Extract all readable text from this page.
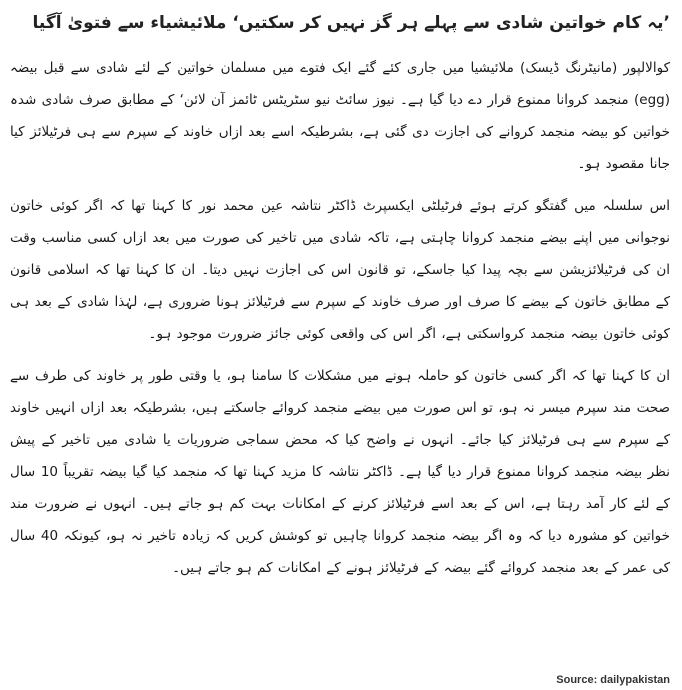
’یہ کام خواتین شادی سے پہلے ہر گز نہیں کر سکتیں‘ ملائیشیاء سے فتویٰ آگیا

کوالالپور (مانیٹرنگ ڈیسک) ملائیشیا میں جاری کئے گئے ایک فتوے میں مسلمان خواتین کے لئے شادی سے قبل بیضہ (egg) منجمد کروانا ممنوع قرار دے دیا گیا ہے۔ نیوز سائٹ نیو سٹریٹس ٹائمز آن لائن‘ کے مطابق صرف شادی شدہ خواتین کو بیضہ منجمد کروانے کی اجازت دی گئی ہے، بشرطیکہ اسے بعد ازاں خاوند کے سپرم سے ہی فرٹیلائز کیا جانا مقصود ہو۔

اس سلسلہ میں گفتگو کرتے ہوئے فرٹیلٹی ایکسپرٹ ڈاکٹر نتاشہ عین محمد نور کا کہنا تھا کہ اگر کوئی خاتون نوجوانی میں اپنے بیضے منجمد کروانا چاہتی ہے، تاکہ شادی میں تاخیر کی صورت میں بعد ازاں کسی مناسب وقت ان کی فرٹیلائزیشن سے بچہ پیدا کیا جاسکے، تو قانون اس کی اجازت نہیں دیتا۔ ان کا کہنا تھا کہ اسلامی قانون کے مطابق خاتون کے بیضے کا صرف اور صرف خاوند کے سپرم سے فرٹیلائز ہونا ضروری ہے، لہٰذا شادی کے بعد ہی کوئی خاتون بیضہ منجمد کرواسکتی ہے، اگر اس کی واقعی کوئی جائز ضرورت موجود ہو۔

ان کا کہنا تھا کہ اگر کسی خاتون کو حاملہ ہونے میں مشکلات کا سامنا ہو، یا وقتی طور پر خاوند کی طرف سے صحت مند سپرم میسر نہ ہو، تو اس صورت میں بیضے منجمد کروائے جاسکتے ہیں، بشرطیکہ بعد ازاں انہیں خاوند کے سپرم سے ہی فرٹیلائز کیا جائے۔ انہوں نے واضح کیا کہ محض سماجی ضروریات یا شادی میں تاخیر کے پیش نظر بیضہ منجمد کروانا ممنوع قرار دیا گیا ہے۔ ڈاکٹر نتاشہ کا مزید کہنا تھا کہ منجمد کیا گیا بیضہ تقریباً 10 سال کے لئے کار آمد رہتا ہے، اس کے بعد اسے فرٹیلائز کرنے کے امکانات بہت کم ہو جاتے ہیں۔ انہوں نے ضرورت مند خواتین کو مشورہ دیا کہ وہ اگر بیضہ منجمد کروانا چاہیں تو کوشش کریں کہ زیادہ تاخیر نہ ہو، کیونکہ 40 سال کی عمر کے بعد منجمد کروائے گئے بیضہ کے فرٹیلائز ہونے کے امکانات کم ہو جاتے ہیں۔

Source: dailypakistan
